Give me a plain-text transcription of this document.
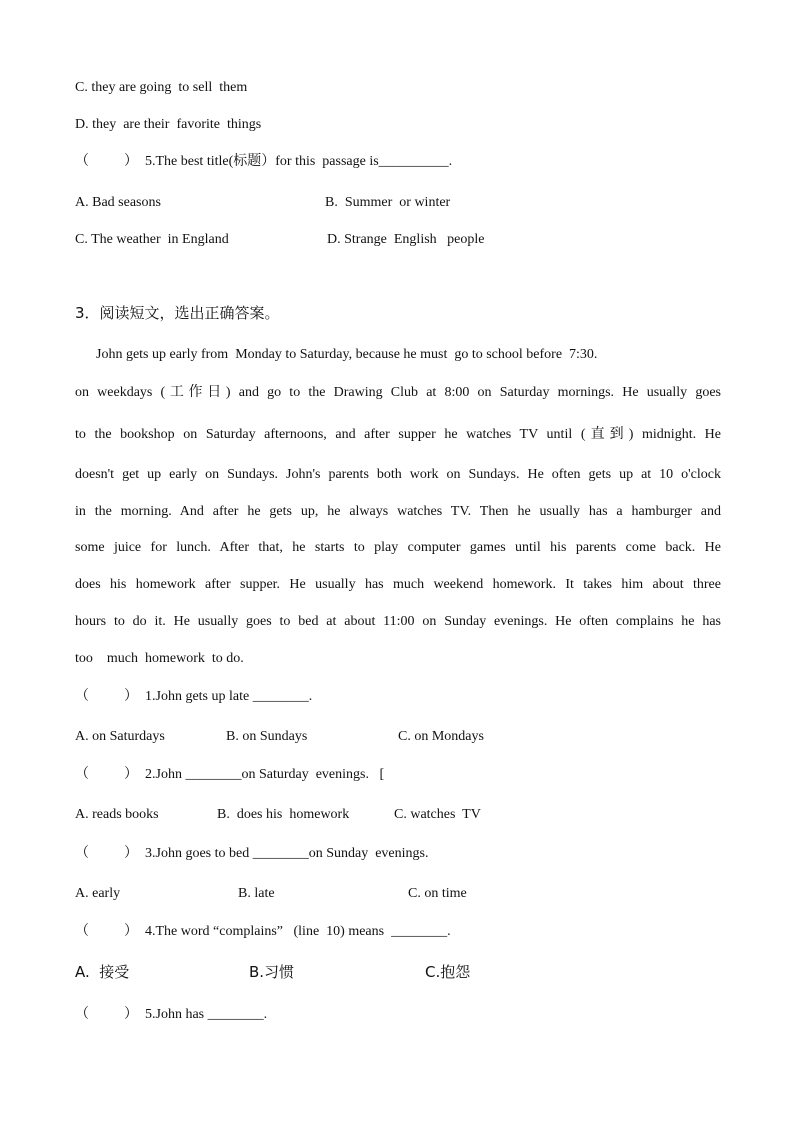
C. they are going  to sell  them
D. they  are their  favorite  things
（          ）  5.The best title(标题）for this  passage is__________.
A. Bad seasons	B.  Summer  or winter
C. The weather  in England	D. Strange  English   people
3．阅读短文，选出正确答案。
John gets up early from  Monday to Saturday, because he must  go to school before  7:30.
on weekdays (工作日) and go to the Drawing Club at 8:00 on Saturday mornings. He usually goes
to the bookshop on Saturday afternoons, and after supper he watches TV until (直到) midnight. He
doesn't get up early on Sundays. John's parents both work on Sundays. He often gets up at 10 o'clock
in the morning. And after he gets up, he always watches TV. Then he usually has a hamburger and
some juice for lunch. After that, he starts to play computer games until his parents come back. He
does his homework after supper. He usually has much weekend homework. It takes him about three
hours to do it. He usually goes to bed at about 11:00 on Sunday evenings. He often complains he has
too    much  homework  to do.
（          ）  1.John gets up late ________.
A. on Saturdays	B. on Sundays	C. on Mondays
（          ）  2.John ________on Saturday  evenings.   [
A. reads books	B.  does his  homework	C. watches  TV
（          ）  3.John goes to bed ________on Sunday  evenings.
A. early	B. late	C. on time
（          ）  4.The word “complains”   (line  10) means  ________.
A.  接受	B.习惯	C.抱怨
（          ）  5.John has ________.
